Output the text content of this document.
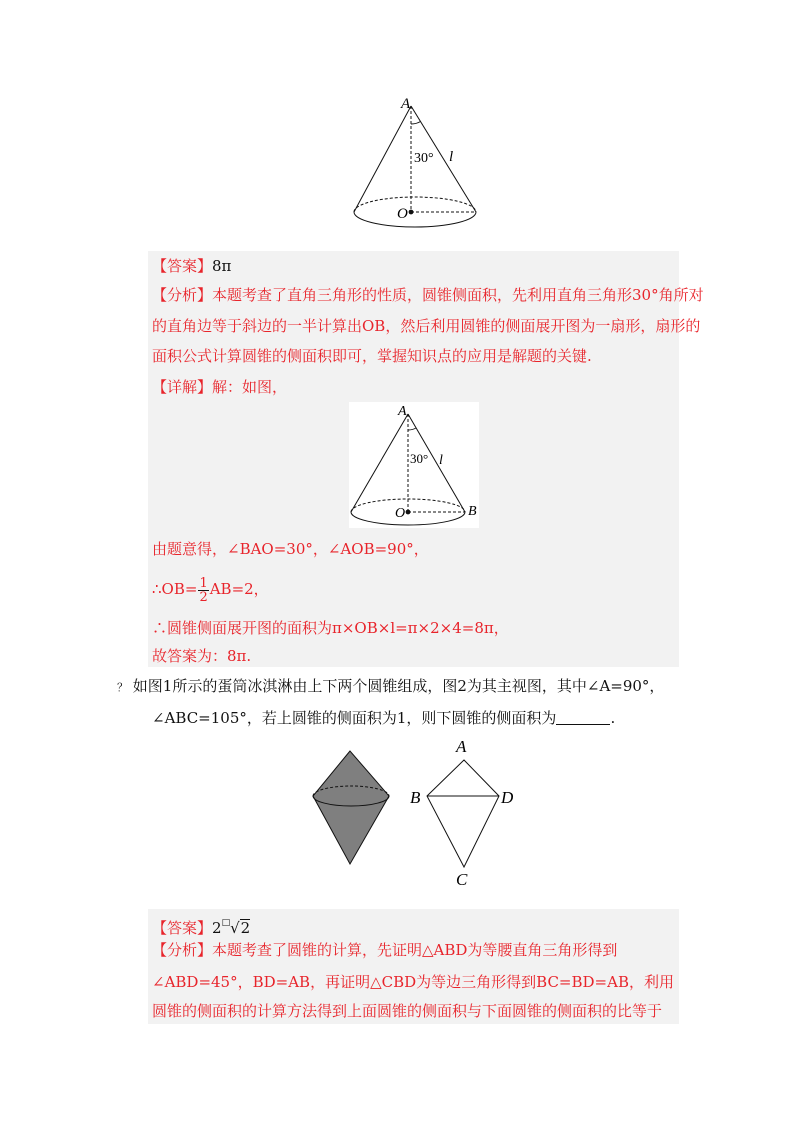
A
O
30° l
【答案】8π
【分析】本题考查了直角三角形的性质，圆锥侧面积，先利用直角三角形30°角所对
的直角边等于斜边的一半计算出OB，然后利用圆锥的侧面展开图为一扇形，扇形的
面积公式计算圆锥的侧面积即可，掌握知识点的应用是解题的关键.
【详解】解：如图，
A
O	B
30° l
由题意得，∠BAO=30°，∠AOB=90°，
∴OB= $\frac{1}{2} AB=2$，
∴圆锥侧面展开图的面积为π×OB×l=π×2×4=8π，
故答案为：8π.
？ 如图1所示的蛋筒冰淇淋由上下两个圆锥组成，图2为其主视图，其中∠A=90°，
∠ABC=105°，若上圆锥的侧面积为1，则下圆锥的侧面积为	.
A
B	D
C
【答案】2□√2
【分析】本题考查了圆锥的计算，先证明△ABD为等腰直角三角形得到
∠ABD=45°，BD=AB，再证明△CBD为等边三角形得到BC=BD=AB，利用
圆锥的侧面积的计算方法得到上面圆锥的侧面积与下面圆锥的侧面积的比等于
